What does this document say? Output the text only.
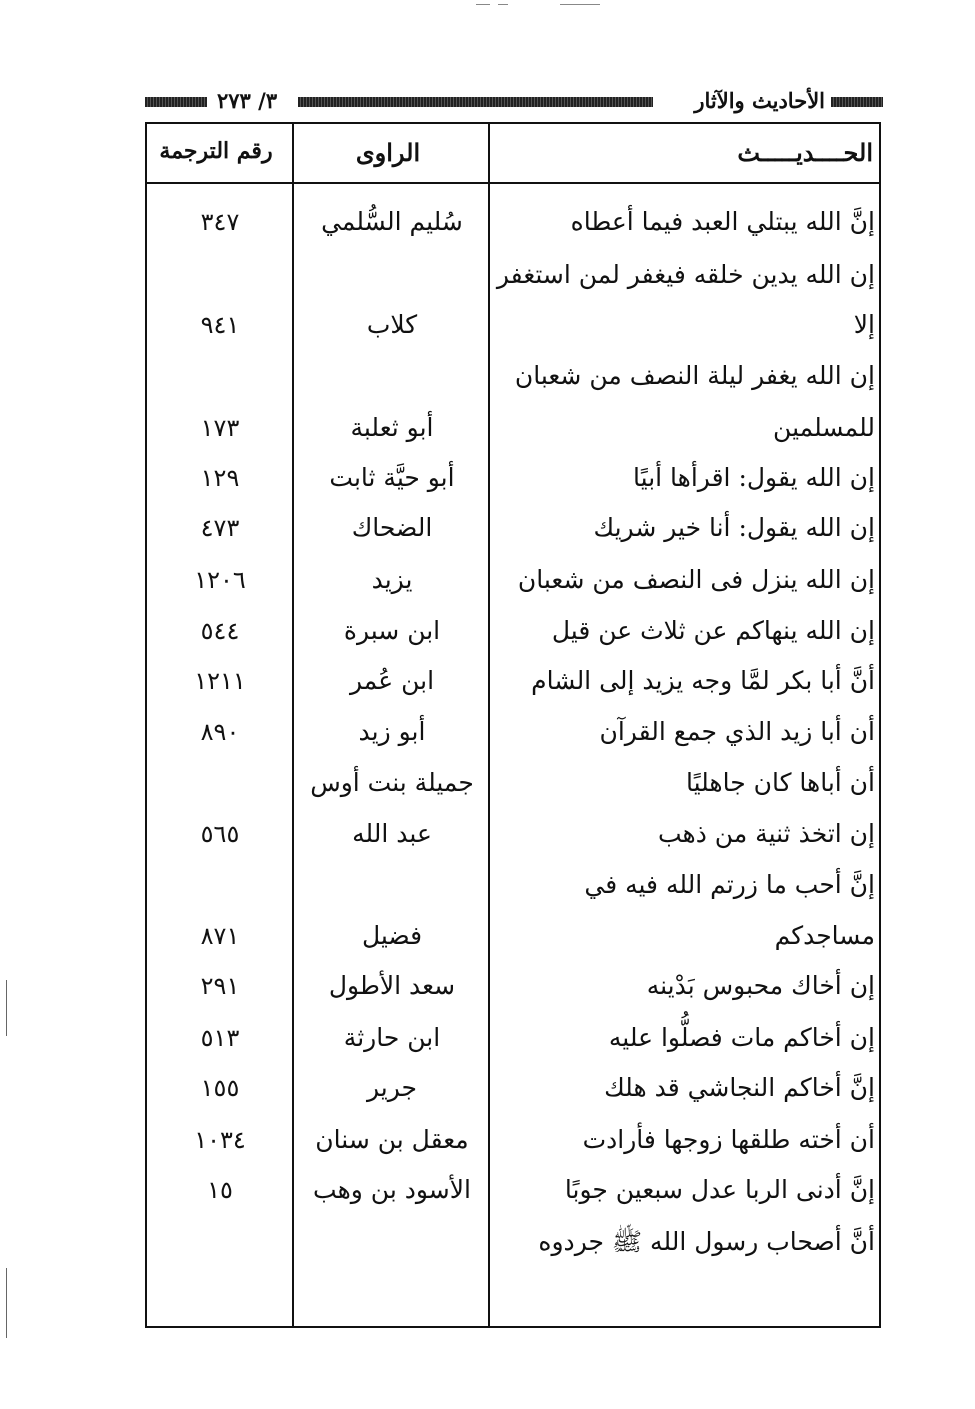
الأحاديث والآثار
٣/ ٢٧٣
الحــــديـــــث
الراوى
رقم الترجمة
إنَّ الله يبتلي العبد فيما أعطاه
سُليم السُّلمي
٣٤٧
إن الله يدين خلقه فيغفر لمن استغفر
إلا
كلاب
٩٤١
إن الله يغفر ليلة النصف من شعبان
للمسلمين
أبو ثعلبة
١٧٣
إن الله يقول: اقرأها أبيًا
أبو حيَّة ثابت
١٢٩
إن الله يقول: أنا خير شريك
الضحاك
٤٧٣
إن الله ينزل فى النصف من شعبان
يزيد
١٢٠٦
إن الله ينهاكم عن ثلاث عن قيل
ابن سبرة
٥٤٤
أنَّ أبا بكر لمَّا وجه يزيد إلى الشام
ابن عُمر
١٢١١
أن أبا زيد الذي جمع القرآن
أبو زيد
٨٩٠
أن أباها كان جاهليًا
جميلة بنت أوس
إن اتخذ ثنية من ذهب
عبد الله
٥٦٥
إنَّ أحب ما زرتم الله فيه في
مساجدكم
فضيل
٨٧١
إن أخاك محبوس بَدْينه
سعد الأطول
٢٩١
إن أخاكم مات فصلُّوا عليه
ابن حارثة
٥١٣
إنَّ أخاكم النجاشي قد هلك
جرير
١٥٥
أن أخته طلقها زوجها فأرادت
معقل بن سنان
١٠٣٤
إنَّ أدنى الربا عدل سبعين جوبًا
الأسود بن وهب
١٥
أنَّ أصحاب رسول الله ﷺ جردوه
